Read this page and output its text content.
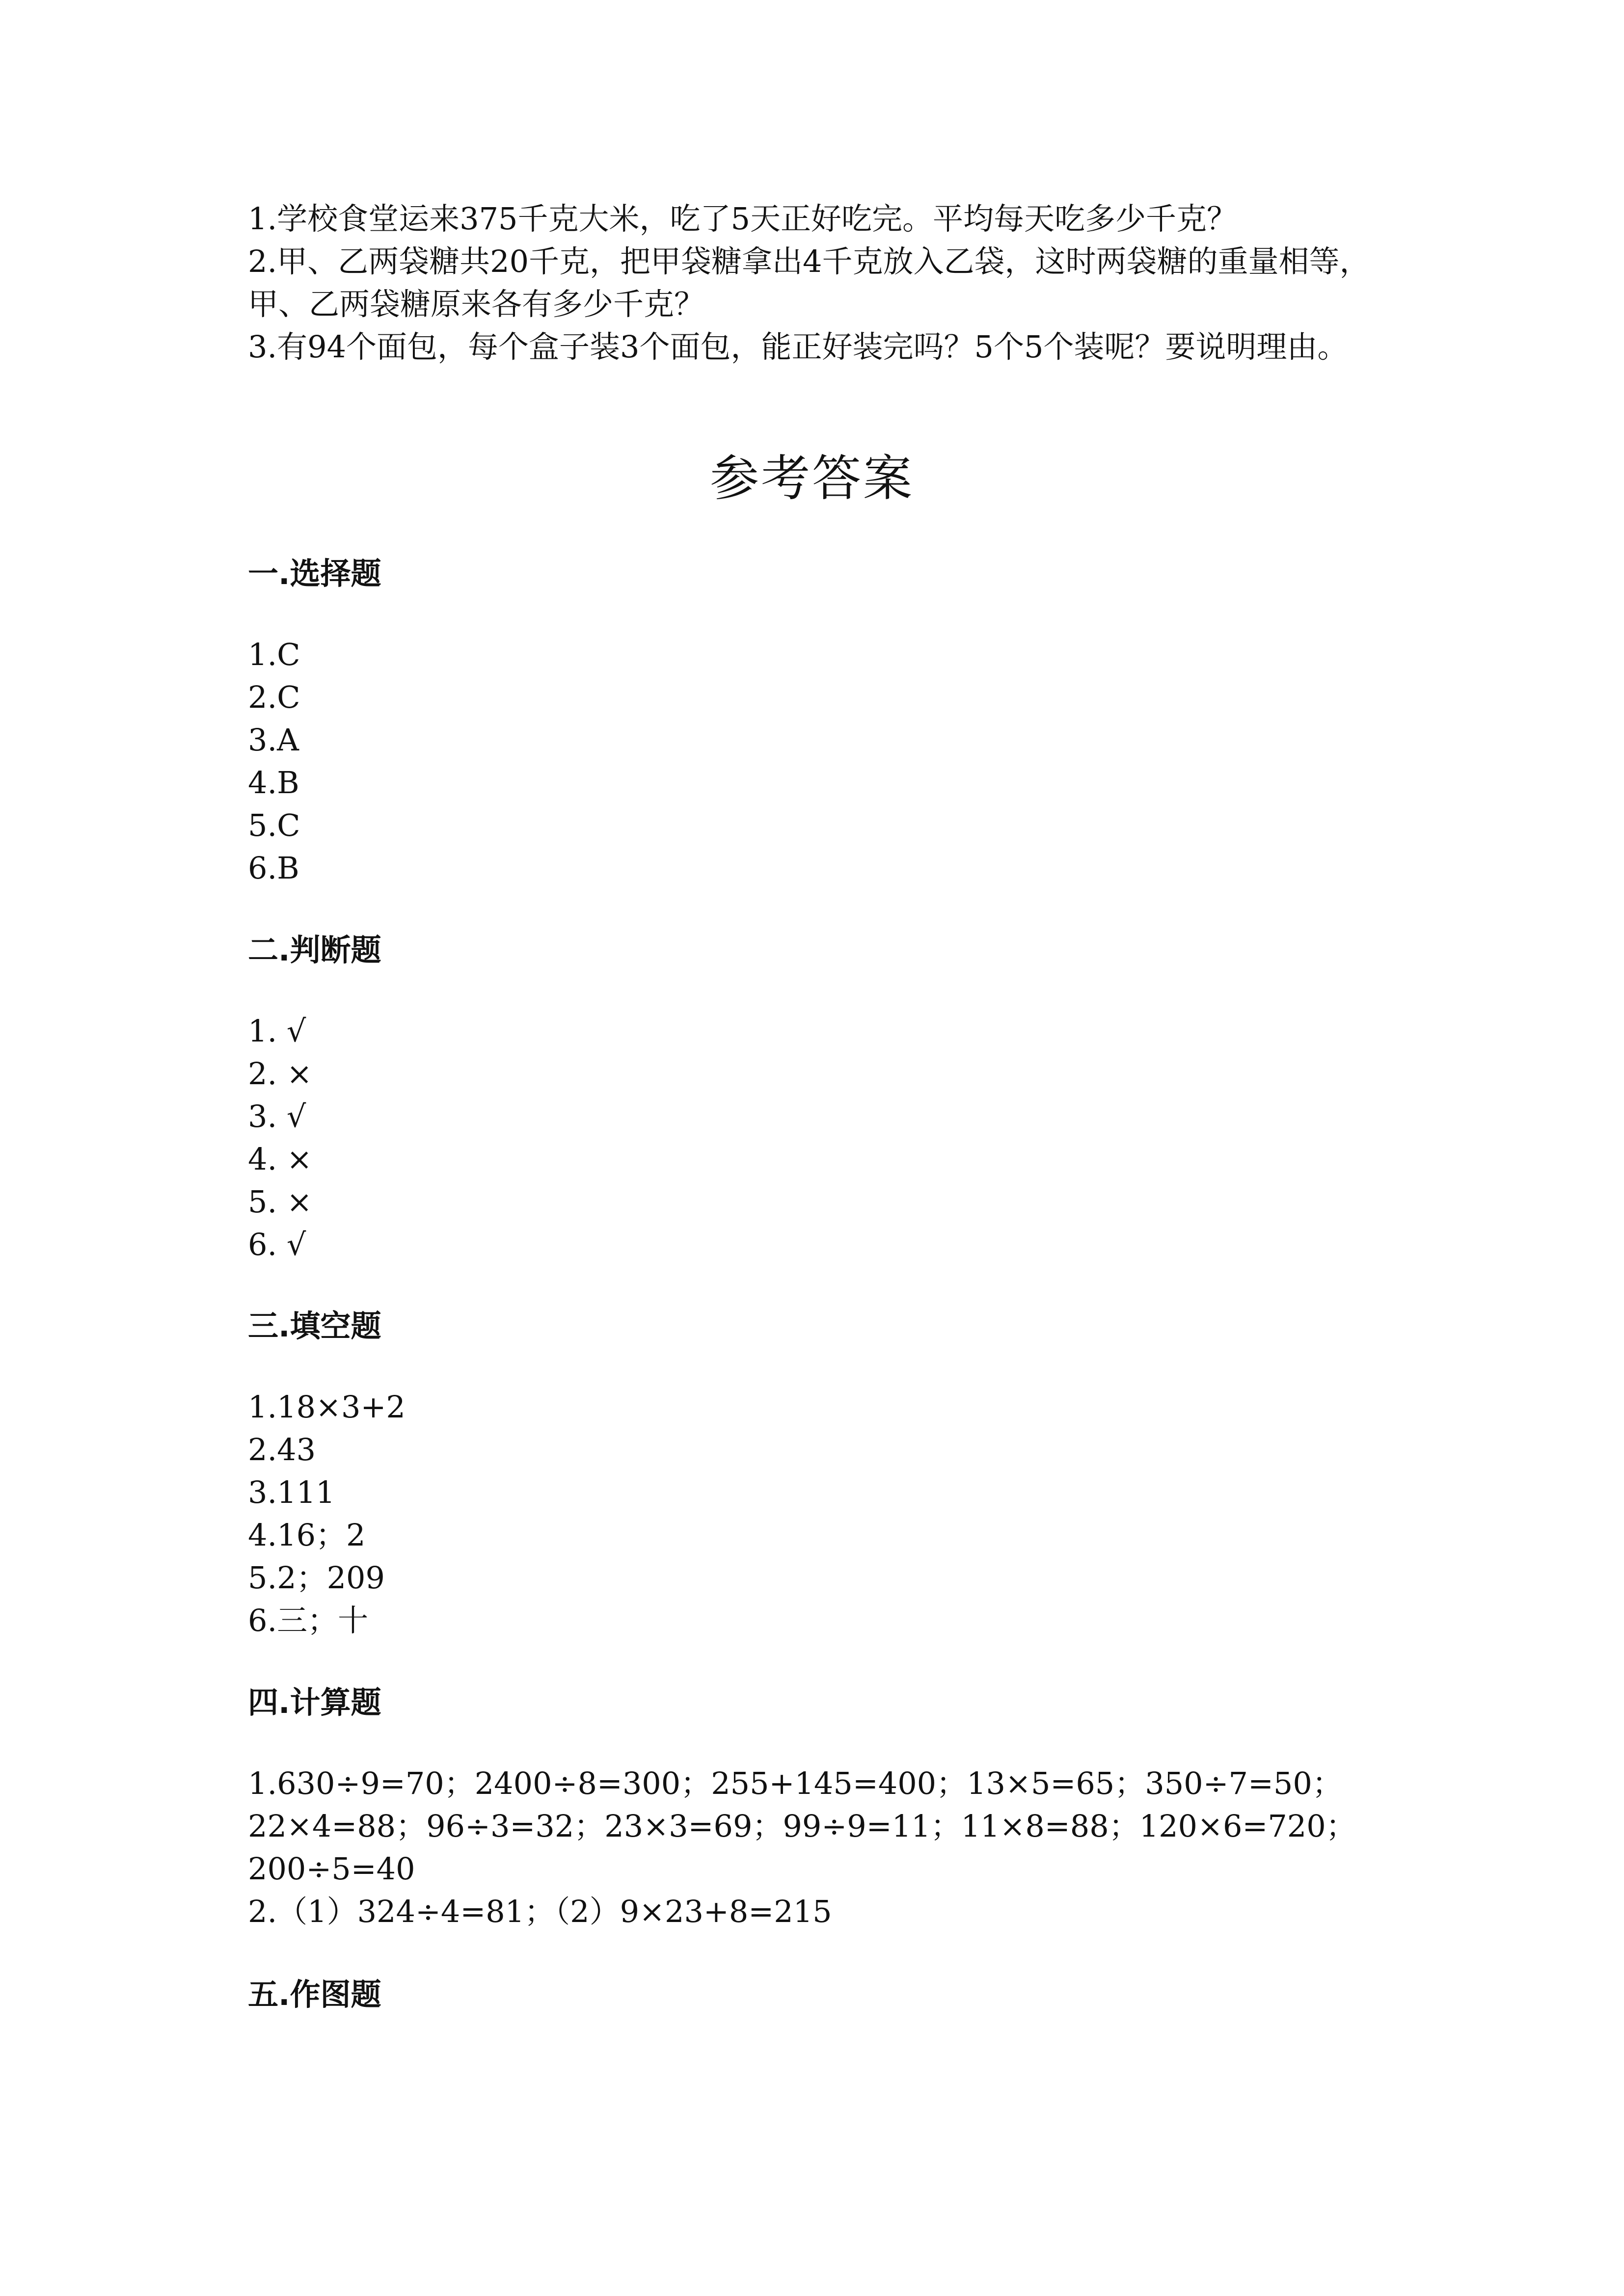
1.学校食堂运来375千克大米，吃了5天正好吃完。平均每天吃多少千克？

2.甲、乙两袋糖共20千克，把甲袋糖拿出4千克放入乙袋，这时两袋糖的重量相等，甲、乙两袋糖原来各有多少千克？

3.有94个面包，每个盒子装3个面包，能正好装完吗？5个5个装呢？要说明理由。

参考答案
一.选择题

1.C

2.C

3.A

4.B

5.C

6.B

二.判断题

1. √

2. ×

3. √

4. ×

5. ×

6. √

三.填空题

1.18×3+2

2.43

3.111

4.16；2

5.2；209

6.三；十

四.计算题

1.630÷9=70；2400÷8=300；255+145=400；13×5=65；350÷7=50；22×4=88；96÷3=32；23×3=69；99÷9=11；11×8=88；120×6=720；200÷5=40

2.（1）324÷4=81；（2）9×23+8=215

五.作图题
